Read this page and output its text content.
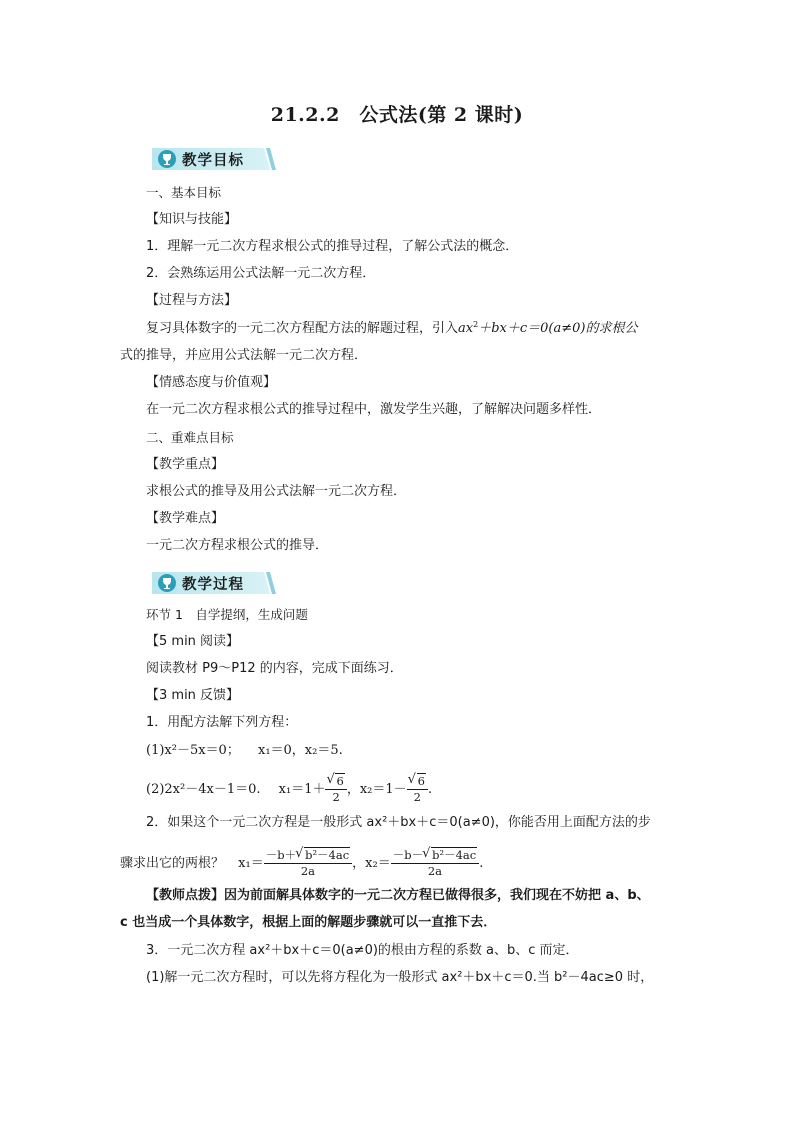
21.2.2　公式法(第 2 课时)
教学目标
一、基本目标
【知识与技能】
1．理解一元二次方程求根公式的推导过程，了解公式法的概念．
2．会熟练运用公式法解一元二次方程．
【过程与方法】
复习具体数字的一元二次方程配方法的解题过程，引入$ax^2+bx+c=0(a\ne 0)$的求根公
式的推导，并应用公式法解一元二次方程．
【情感态度与价值观】
在一元二次方程求根公式的推导过程中，激发学生兴趣，了解解决问题多样性．
二、重难点目标
【教学重点】
求根公式的推导及用公式法解一元二次方程．
【教学难点】
一元二次方程求根公式的推导．
教学过程
环节 1　自学提纲，生成问题
【5 min 阅读】
阅读教材 P9～P12 的内容，完成下面练习．
【3 min 反馈】
1．用配方法解下列方程：
(1)x²－5x＝0； x₁＝0，x₂＝5.
(2)2x²－4x－1＝0. $x_1=1+ \frac{√ 6}{2}$ ，$x_2=1- \frac{√ 6}{2}$ .
2．如果这个一元二次方程是一般形式 ax²＋bx＋c＝0(a≠0)，你能否用上面配方法的步
骤求出它的两根？ $x_1= \frac{\text{－b＋ √ b²－4ac}}{2a}$ ，$x_2= \frac{\text{－b－ √ b²－4ac}}{2a}$ .
【教师点拨】因为前面解具体数字的一元二次方程已做得很多，我们现在不妨把 a、b、
c 也当成一个具体数字，根据上面的解题步骤就可以一直推下去．
3．一元二次方程 ax²＋bx＋c＝0(a≠0)的根由方程的系数 a、b、c 而定．
(1)解一元二次方程时，可以先将方程化为一般形式 ax²＋bx＋c＝0.当 b²－4ac≥0 时，
